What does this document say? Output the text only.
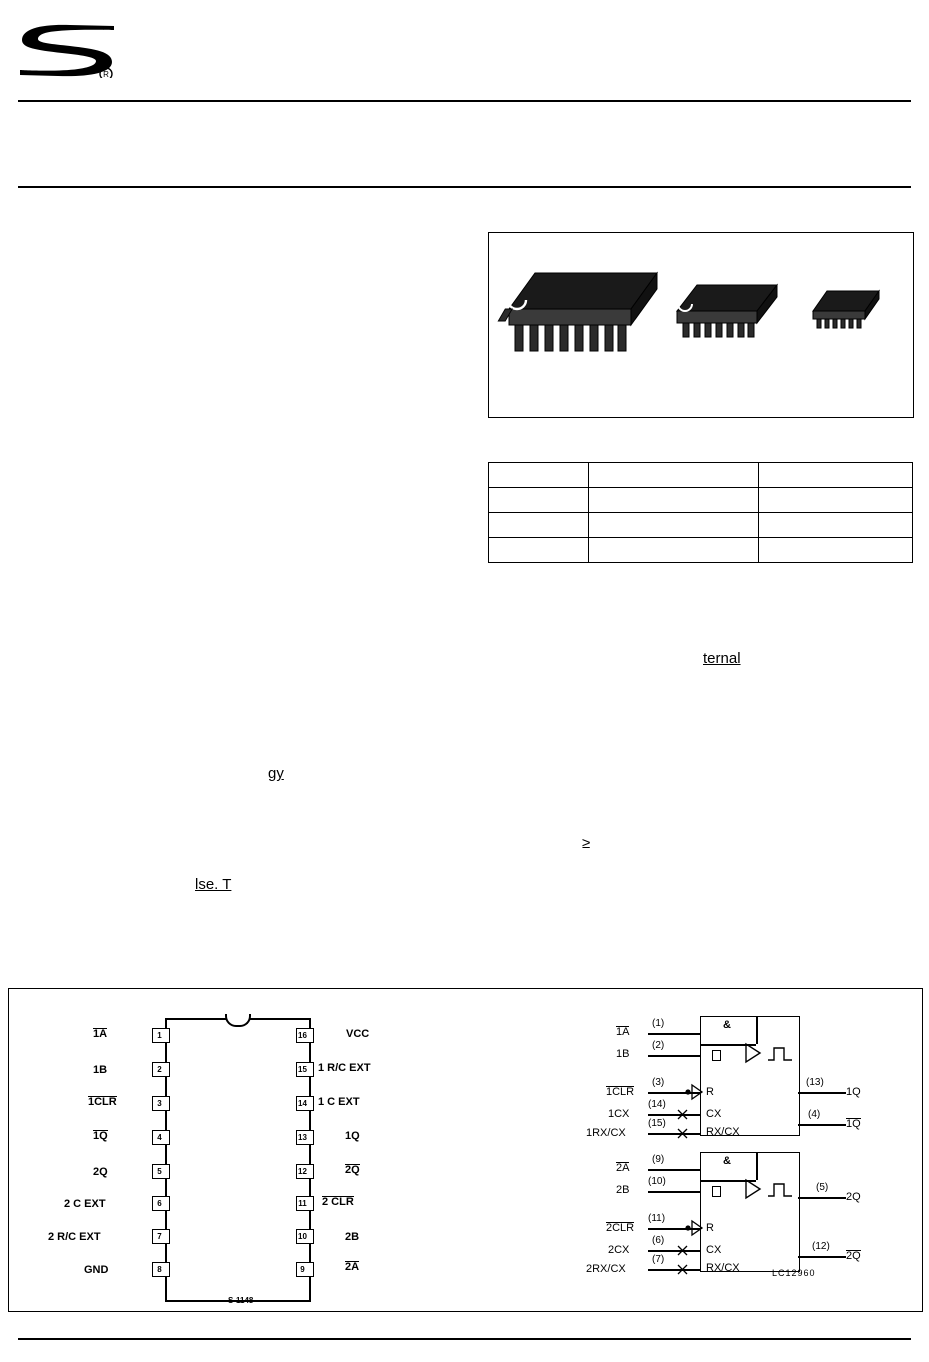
R

ternal
gy
≥
lse. T
S-1148
1
2
3
4
5
6
7
8
1A
1B
1CLR
1Q
2Q
2 C EXT
2 R/C EXT
GND
16
15
14
13
12
11
10
9
VCC
1 R/C EXT
1 C EXT
1Q
2Q
2 CLR
2B
2A
&
&
R
CX
RX/CX
R
CX
RX/CX
(1)
(2)
(3)
(14)
(15)
(9)
(10)
(11)
(6)
(7)
(13)
(4)
(5)
(12)
1A
1B
1CLR
1CX
1RX/CX
2A
2B
2CLR
2CX
2RX/CX
1Q
1Q
2Q
2Q
LC12960
